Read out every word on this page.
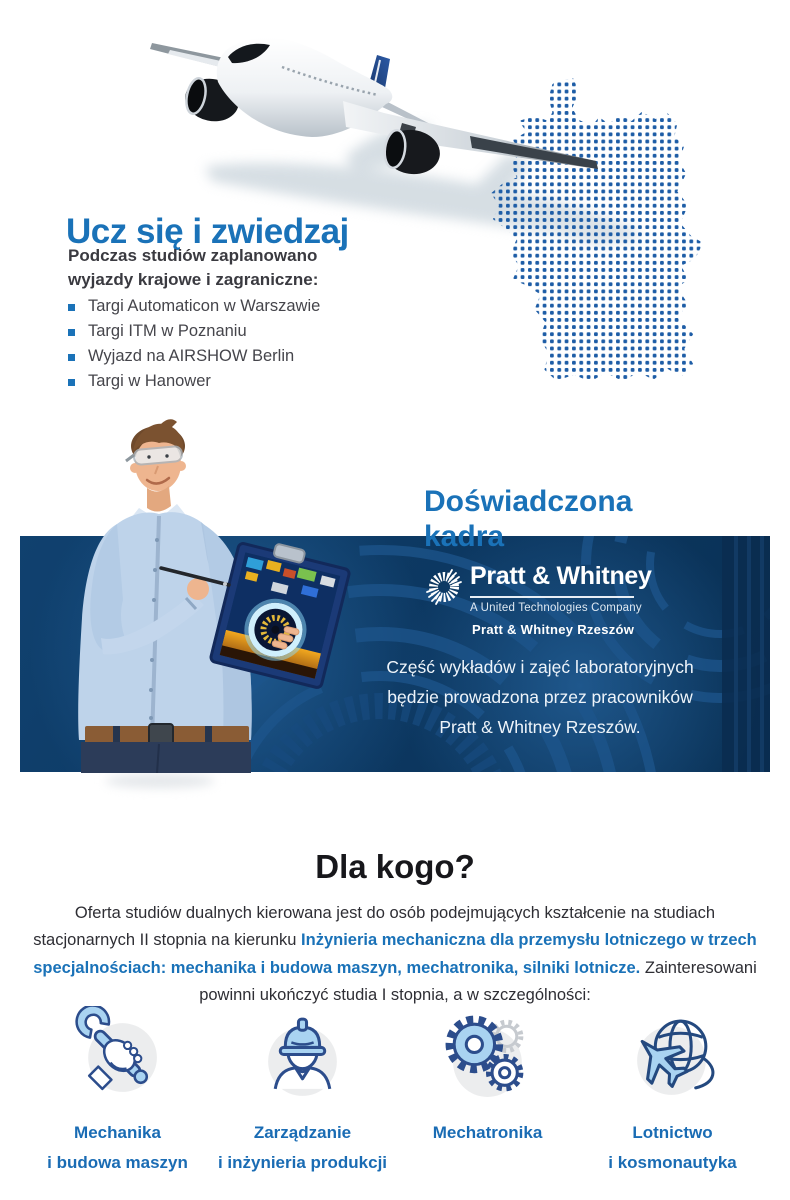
Ucz się i zwiedzaj
Podczas studiów zaplanowano
wyjazdy krajowe i zagraniczne:
Targi Automaticon w Warszawie
Targi ITM w Poznaniu
Wyjazd na AIRSHOW Berlin
Targi w Hanower
Doświadczona
kadra
Pratt & Whitney
A United Technologies Company
Pratt & Whitney Rzeszów
Część wykładów i zajęć laboratoryjnych
będzie prowadzona przez pracowników
Pratt & Whitney Rzeszów.
Dla kogo?

Oferta studiów dualnych kierowana jest do osób podejmujących kształcenie na studiach stacjonarnych II stopnia na kierunku Inżynieria mechaniczna dla przemysłu lotniczego w trzech specjalnościach: mechanika i budowa maszyn, mechatronika, silniki lotnicze. Zainteresowani powinni ukończyć studia I stopnia, a w szczególności:

Mechanika
i budowa maszyn
Zarządzanie
i inżynieria produkcji
Mechatronika	Lotnictwo
i kosmonautyka
